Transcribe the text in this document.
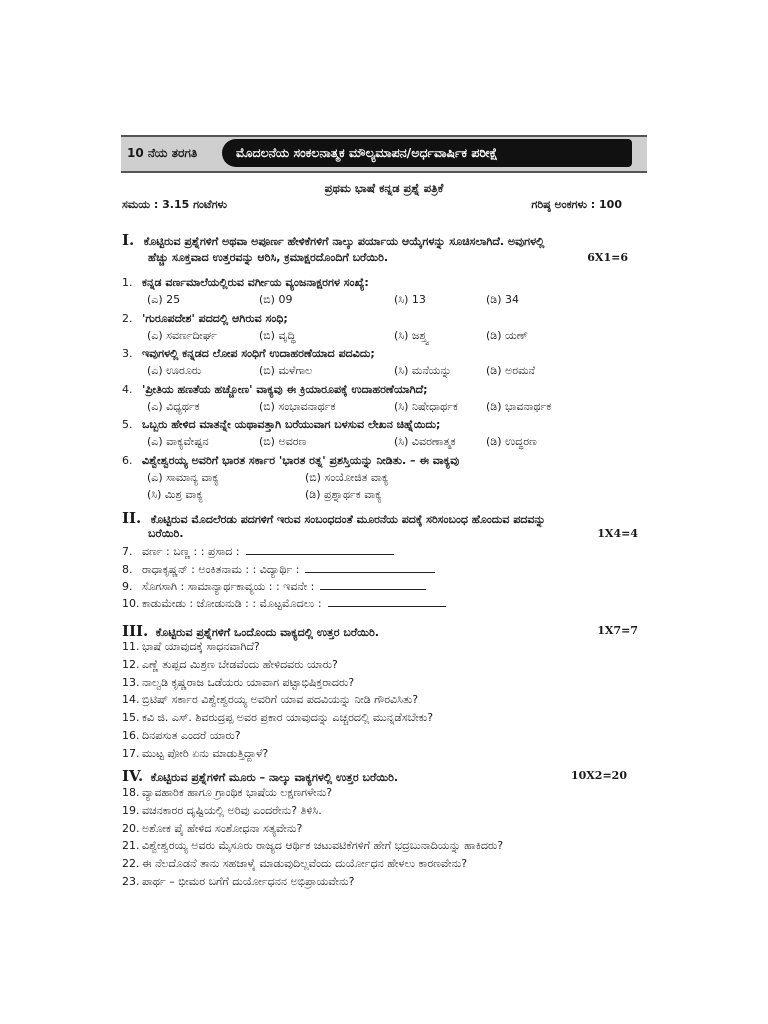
10 ನೆಯ ತರಗತಿ	ಮೊದಲನೆಯ ಸಂಕಲನಾತ್ಮಕ ಮೌಲ್ಯಮಾಪನ/ಅರ್ಧವಾರ್ಷಿಕ ಪರೀಕ್ಷೆ
ಪ್ರಥಮ ಭಾಷೆ ಕನ್ನಡ ಪ್ರಶ್ನೆ ಪತ್ರಿಕೆ
ಸಮಯ : 3.15 ಗಂಟೆಗಳು	ಗರಿಷ್ಠ ಅಂಕಗಳು : 100
I. ಕೊಟ್ಟಿರುವ ಪ್ರಶ್ನೆಗಳಿಗೆ ಅಥವಾ ಅಪೂರ್ಣ ಹೇಳಿಕೆಗಳಿಗೆ ನಾಲ್ಕು ಪರ್ಯಾಯ ಆಯ್ಕೆಗಳನ್ನು ಸೂಚಿಸಲಾಗಿದೆ. ಅವುಗಳಲ್ಲಿ
ಹೆಚ್ಚು ಸೂಕ್ತವಾದ ಉತ್ತರವನ್ನು ಆರಿಸಿ, ಕ್ರಮಾಕ್ಷರದೊಂದಿಗೆ ಬರೆಯಿರಿ.	6X1=6
1. ಕನ್ನಡ ವರ್ಣಮಾಲೆಯಲ್ಲಿರುವ ವರ್ಗೀಯ ವ್ಯಂಜನಾಕ್ಷರಗಳ ಸಂಖ್ಯೆ:
(ಎ) 25	(ಬಿ) 09	(ಸಿ) 13	(ಡಿ) 34
2. 'ಗುರೂಪದೇಶ' ಪದದಲ್ಲಿ ಆಗಿರುವ ಸಂಧಿ;
(ಎ) ಸವರ್ಣದೀರ್ಘ	(ಬಿ) ವೃದ್ಧಿ	(ಸಿ) ಜಶ್ತ್ವ	(ಡಿ) ಯಣ್
3. ಇವುಗಳಲ್ಲಿ ಕನ್ನಡದ ಲೋಪ ಸಂಧಿಗೆ ಉದಾಹರಣೆಯಾದ ಪದವಿದು;
(ಎ) ಊರೂರು	(ಬಿ) ಮಳೆಗಾಲ	(ಸಿ) ಮನೆಯನ್ನು	(ಡಿ) ಅರಮನೆ
4. 'ಪ್ರೀತಿಯ ಹಣತೆಯ ಹಚ್ಚೋಣ' ವಾಕ್ಯವು ಈ ಕ್ರಿಯಾರೂಪಕ್ಕೆ ಉದಾಹರಣೆಯಾಗಿದೆ;
(ಎ) ವಿಧ್ಯರ್ಥಕ	(ಬಿ) ಸಂಭಾವನಾರ್ಥಕ	(ಸಿ) ನಿಷೇಧಾರ್ಥಕ	(ಡಿ) ಭಾವನಾರ್ಥಕ
5. ಒಬ್ಬರು ಹೇಳಿದ ಮಾತನ್ನೇ ಯಥಾವತ್ತಾಗಿ ಬರೆಯುವಾಗ ಬಳಸುವ ಲೇಖನ ಚಿಹ್ನೆಯಿದು;
(ಎ) ವಾಕ್ಯವೇಷ್ಟನ	(ಬಿ) ಅವರಣ	(ಸಿ) ವಿವರಣಾತ್ಮಕ	(ಡಿ) ಉದ್ಧರಣ
6. ವಿಶ್ವೇಶ್ವರಯ್ಯ ಅವರಿಗೆ ಭಾರತ ಸರ್ಕಾರ 'ಭಾರತ ರತ್ನ' ಪ್ರಶಸ್ತಿಯನ್ನು ನೀಡಿತು. – ಈ ವಾಕ್ಯವು
(ಎ) ಸಾಮಾನ್ಯ ವಾಕ್ಯ	(ಬಿ) ಸಂಯೋಜಿತ ವಾಕ್ಯ
(ಸಿ) ಮಿಶ್ರ ವಾಕ್ಯ	(ಡಿ) ಪ್ರಶ್ನಾರ್ಥಕ ವಾಕ್ಯ
II. ಕೊಟ್ಟಿರುವ ಮೊದಲೆರಡು ಪದಗಳಿಗೆ ಇರುವ ಸಂಬಂಧದಂತೆ ಮೂರನೆಯ ಪದಕ್ಕೆ ಸರಿಸಂಬಂಧ ಹೊಂದುವ ಪದವನ್ನು
ಬರೆಯಿರಿ.	1X4=4
7. ವರ್ಣ : ಬಣ್ಣ : : ಪ್ರಸಾದ :
8. ರಾಧಾಕೃಷ್ಣನ್ : ಅಂಕಿತನಾಮ : : ವಿದ್ಯಾರ್ಥಿ :
9. ಸೊಗಸಾಗಿ : ಸಾಮಾನ್ಯಾರ್ಥಕಾವ್ಯಯ : : ಇವನೇ :
10. ಕಾಡುಮೇಡು : ಜೋಡುನುಡಿ : : ಮೊಟ್ಟಮೊದಲು :
III. ಕೊಟ್ಟಿರುವ ಪ್ರಶ್ನೆಗಳಿಗೆ ಒಂದೊಂದು ವಾಕ್ಯದಲ್ಲಿ ಉತ್ತರ ಬರೆಯಿರಿ.	1X7=7
11. ಭಾಷೆ ಯಾವುದಕ್ಕೆ ಸಾಧನವಾಗಿದೆ?
12. ಎಣ್ಣೆ ತುಪ್ಪದ ಮಿಶ್ರಣ ಬೇಡವೆಂದು ಹೇಳಿದವರು ಯಾರು?
13. ನಾಲ್ವಡಿ ಕೃಷ್ಣರಾಜ ಒಡೆಯರು ಯಾವಾಗ ಪಟ್ಟಾಭಿಷಿಕ್ತರಾದರು?
14. ಬ್ರಿಟಿಷ್ ಸರ್ಕಾರ ವಿಶ್ವೇಶ್ವರಯ್ಯ ಅವರಿಗೆ ಯಾವ ಪದವಿಯನ್ನು ನೀಡಿ ಗೌರವಿಸಿತು?
15. ಕವಿ ಜಿ. ಎಸ್. ಶಿವರುದ್ರಪ್ಪ ಅವರ ಪ್ರಕಾರ ಯಾವುದನ್ನು ಎಚ್ಚರದಲ್ಲಿ ಮುನ್ನಡೆಸಬೇಕು?
16. ದಿನಪಸುತ ಎಂದರೆ ಯಾರು?
17. ಮುಟ್ಟ ಪೋರಿ ಏನು ಮಾಡುತ್ತಿದ್ದಾಳೆ?
IV. ಕೊಟ್ಟಿರುವ ಪ್ರಶ್ನೆಗಳಿಗೆ ಮೂರು – ನಾಲ್ಕು ವಾಕ್ಯಗಳಲ್ಲಿ ಉತ್ತರ ಬರೆಯಿರಿ.	10X2=20
18. ವ್ಯಾವಹಾರಿಕ ಹಾಗೂ ಗ್ರಾಂಥಿಕ ಭಾಷೆಯ ಲಕ್ಷಣಗಳೇನು?
19. ವಚನಕಾರರ ದೃಷ್ಟಿಯಲ್ಲಿ ಅರಿವು ಎಂದರೇನು? ತಿಳಿಸಿ.
20. ಅಶೋಕ ಪೈ ಹೇಳಿದ ಸಂಶೋಧನಾ ಸತ್ಯವೇನು?
21. ವಿಶ್ವೇಶ್ವರಯ್ಯ ಅವರು ಮೈಸೂರು ರಾಜ್ಯದ ಆರ್ಥಿಕ ಚಟುವಟಿಕೆಗಳಿಗೆ ಹೇಗೆ ಭದ್ರಬುನಾದಿಯನ್ನು ಹಾಕಿದರು?
22. ಈ ನೆಲದೊಡನೆ ತಾನು ಸಹಜಾಳೈ ಮಾಡುವುದಿಲ್ಲವೆಂದು ದುರ್ಯೋಧನ ಹೇಳಲು ಕಾರಣವೇನು?
23. ಪಾರ್ಥ – ಭೀಮರ ಬಗೆಗೆ ದುರ್ಯೋಧನನ ಅಭಿಪ್ರಾಯವೇನು?
